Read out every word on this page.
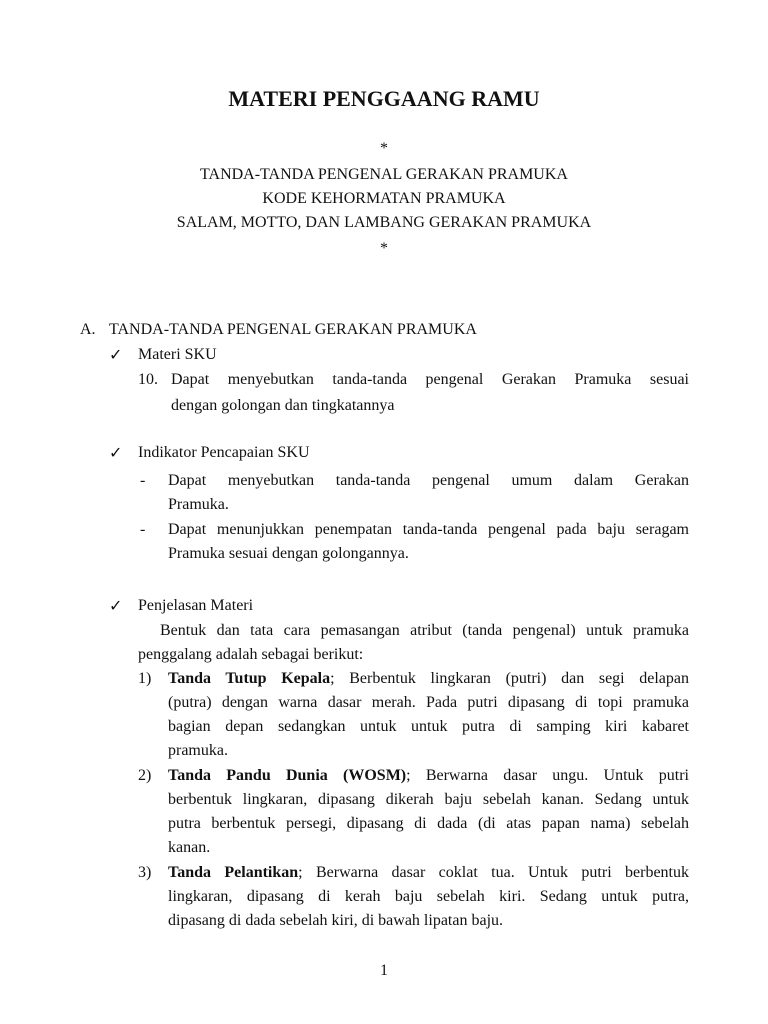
MATERI PENGGAANG RAMU
*
TANDA-TANDA PENGENAL GERAKAN PRAMUKA
KODE KEHORMATAN PRAMUKA
SALAM, MOTTO, DAN LAMBANG GERAKAN PRAMUKA
*
A. TANDA-TANDA PENGENAL GERAKAN PRAMUKA
✓ Materi SKU
10. Dapat menyebutkan tanda-tanda pengenal Gerakan Pramuka sesuai
dengan golongan dan tingkatannya
✓ Indikator Pencapaian SKU
- Dapat menyebutkan tanda-tanda pengenal umum dalam Gerakan
Pramuka.
- Dapat menunjukkan penempatan tanda-tanda pengenal pada baju seragam
Pramuka sesuai dengan golongannya.
✓ Penjelasan Materi
Bentuk dan tata cara pemasangan atribut (tanda pengenal) untuk pramuka
penggalang adalah sebagai berikut:
1) Tanda Tutup Kepala; Berbentuk lingkaran (putri) dan segi delapan
(putra) dengan warna dasar merah. Pada putri dipasang di topi pramuka
bagian depan sedangkan untuk untuk putra di samping kiri kabaret
pramuka.
2) Tanda Pandu Dunia (WOSM); Berwarna dasar ungu. Untuk putri
berbentuk lingkaran, dipasang dikerah baju sebelah kanan. Sedang untuk
putra berbentuk persegi, dipasang di dada (di atas papan nama) sebelah
kanan.
3) Tanda Pelantikan; Berwarna dasar coklat tua. Untuk putri berbentuk
lingkaran, dipasang di kerah baju sebelah kiri. Sedang untuk putra,
dipasang di dada sebelah kiri, di bawah lipatan baju.
1
